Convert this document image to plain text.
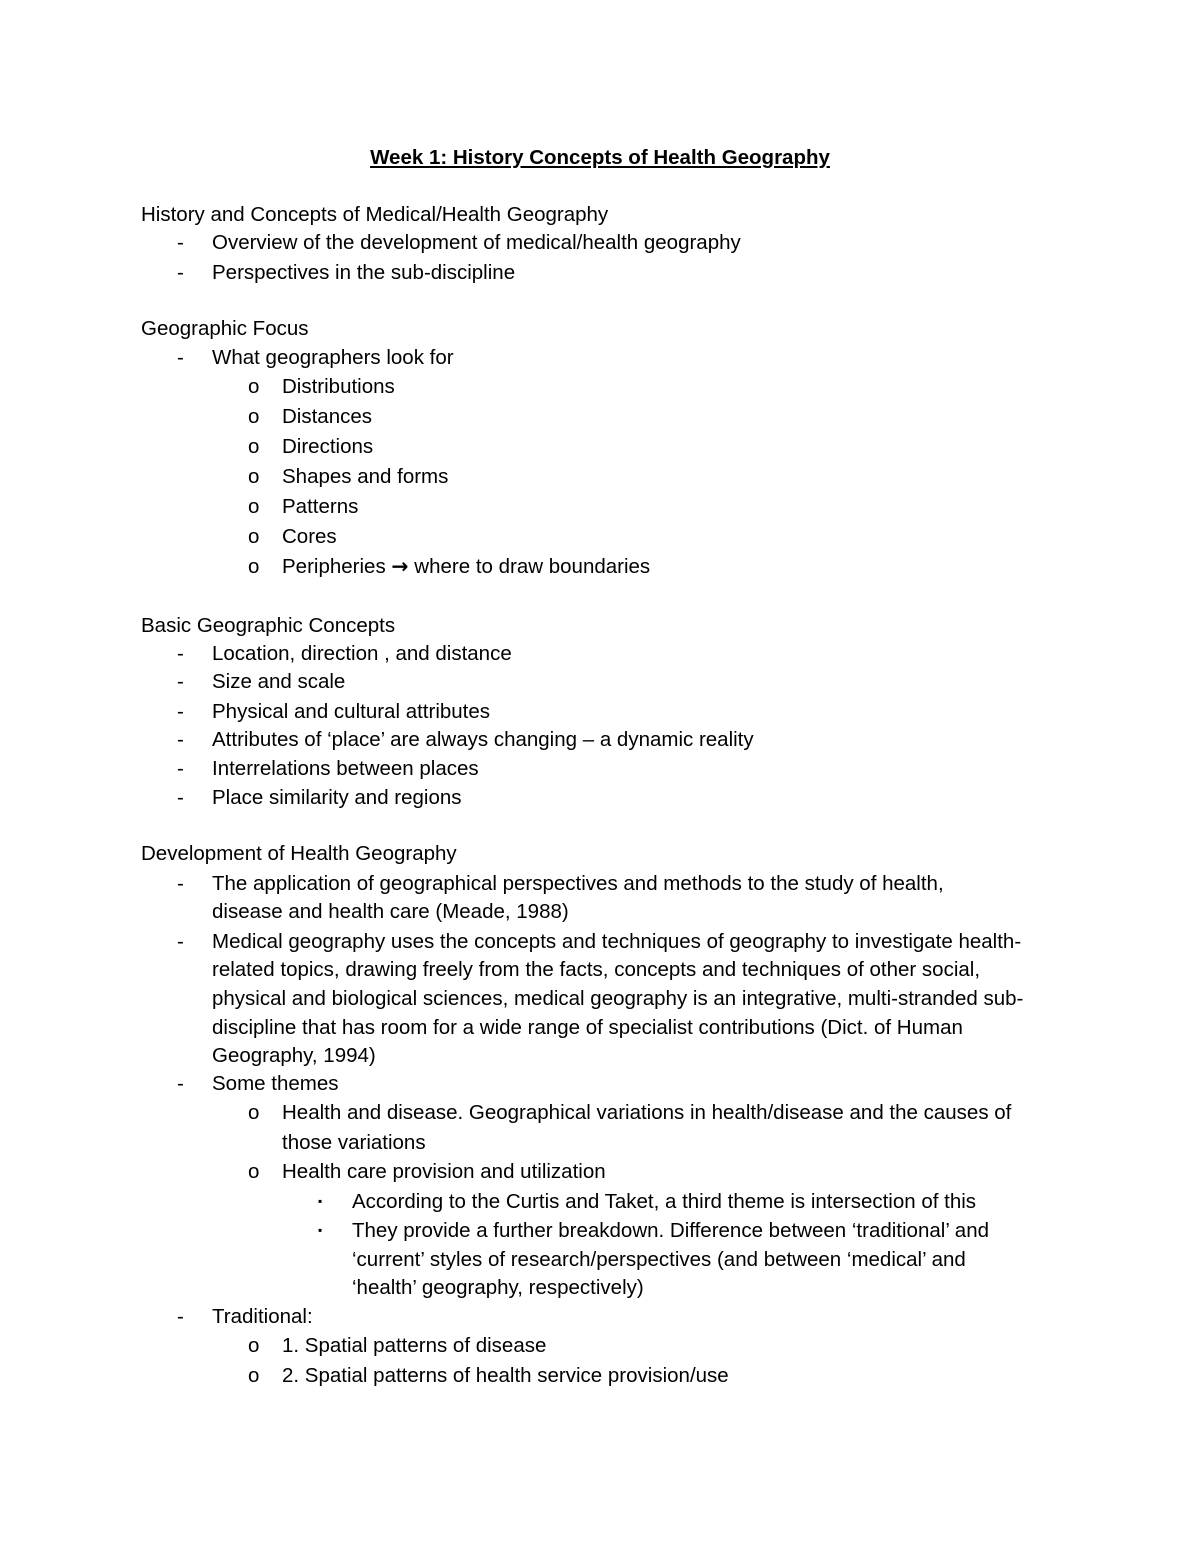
Week 1: History Concepts of Health Geography
History and Concepts of Medical/Health Geography
-	Overview of the development of medical/health geography
-	Perspectives in the sub-discipline
Geographic Focus
-	What geographers look for
o Distributions
o Distances
o Directions
o Shapes and forms
o Patterns
o Cores
o Peripheries → where to draw boundaries
Basic Geographic Concepts
-	Location, direction , and distance
-	Size and scale
-	Physical and cultural attributes
-	Attributes of ‘place’ are always changing – a dynamic reality
-	Interrelations between places
-	Place similarity and regions
Development of Health Geography
-	The application of geographical perspectives and methods to the study of health,
disease and health care (Meade, 1988)
-	Medical geography uses the concepts and techniques of geography to investigate health-
related topics, drawing freely from the facts, concepts and techniques of other social,
physical and biological sciences, medical geography is an integrative, multi-stranded sub-
discipline that has room for a wide range of specialist contributions (Dict. of Human
Geography, 1994)
-	Some themes
o Health and disease. Geographical variations in health/disease and the causes of
those variations
o Health care provision and utilization
▪ According to the Curtis and Taket, a third theme is intersection of this
▪ They provide a further breakdown. Difference between ‘traditional’ and
‘current’ styles of research/perspectives (and between ‘medical’ and
‘health’ geography, respectively)
-	Traditional:
o 1. Spatial patterns of disease
o 2. Spatial patterns of health service provision/use
